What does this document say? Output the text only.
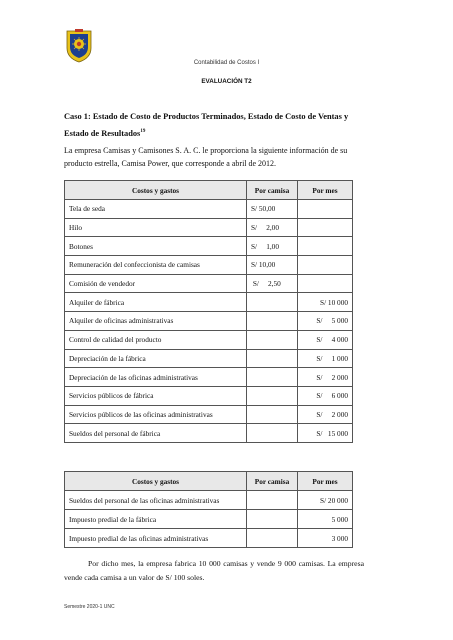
Contabilidad de Costos I
EVALUACIÓN T2
Caso 1: Estado de Costo de Productos Terminados, Estado de Costo de Ventas y Estado de Resultados$^{19}$
La empresa Camisas y Camisones S. A. C. le proporciona la siguiente información de su producto estrella, Camisa Power, que corresponde a abril de 2012.
Costos y gastos	Por camisa	Por mes
Tela de seda	S/ 50,00	
Hilo	S/     2,00	
Botones	S/     1,00	
Remuneración del confeccionista de camisas	S/ 10,00	
Comisión de vendedor	S/     2,50	
Alquiler de fábrica		S/ 10 000
Alquiler de oficinas administrativas		S/     5 000
Control de calidad del producto		S/     4 000
Depreciación de la fábrica		S/     1 000
Depreciación de las oficinas administrativas		S/     2 000
Servicios públicos de fábrica		S/     6 000
Servicios públicos de las oficinas administrativas		S/     2 000
Sueldos del personal de fábrica		S/   15 000
Costos y gastos	Por camisa	Por mes
Sueldos del personal de las oficinas administrativas		S/ 20 000
Impuesto predial de la fábrica		5 000
Impuesto predial de las oficinas administrativas		3 000
Por dicho mes, la empresa fabrica 10 000 camisas y vende 9 000 camisas. La empresa vende cada camisa a un valor de S/ 100 soles.
Semestre 2020-1 UNC
